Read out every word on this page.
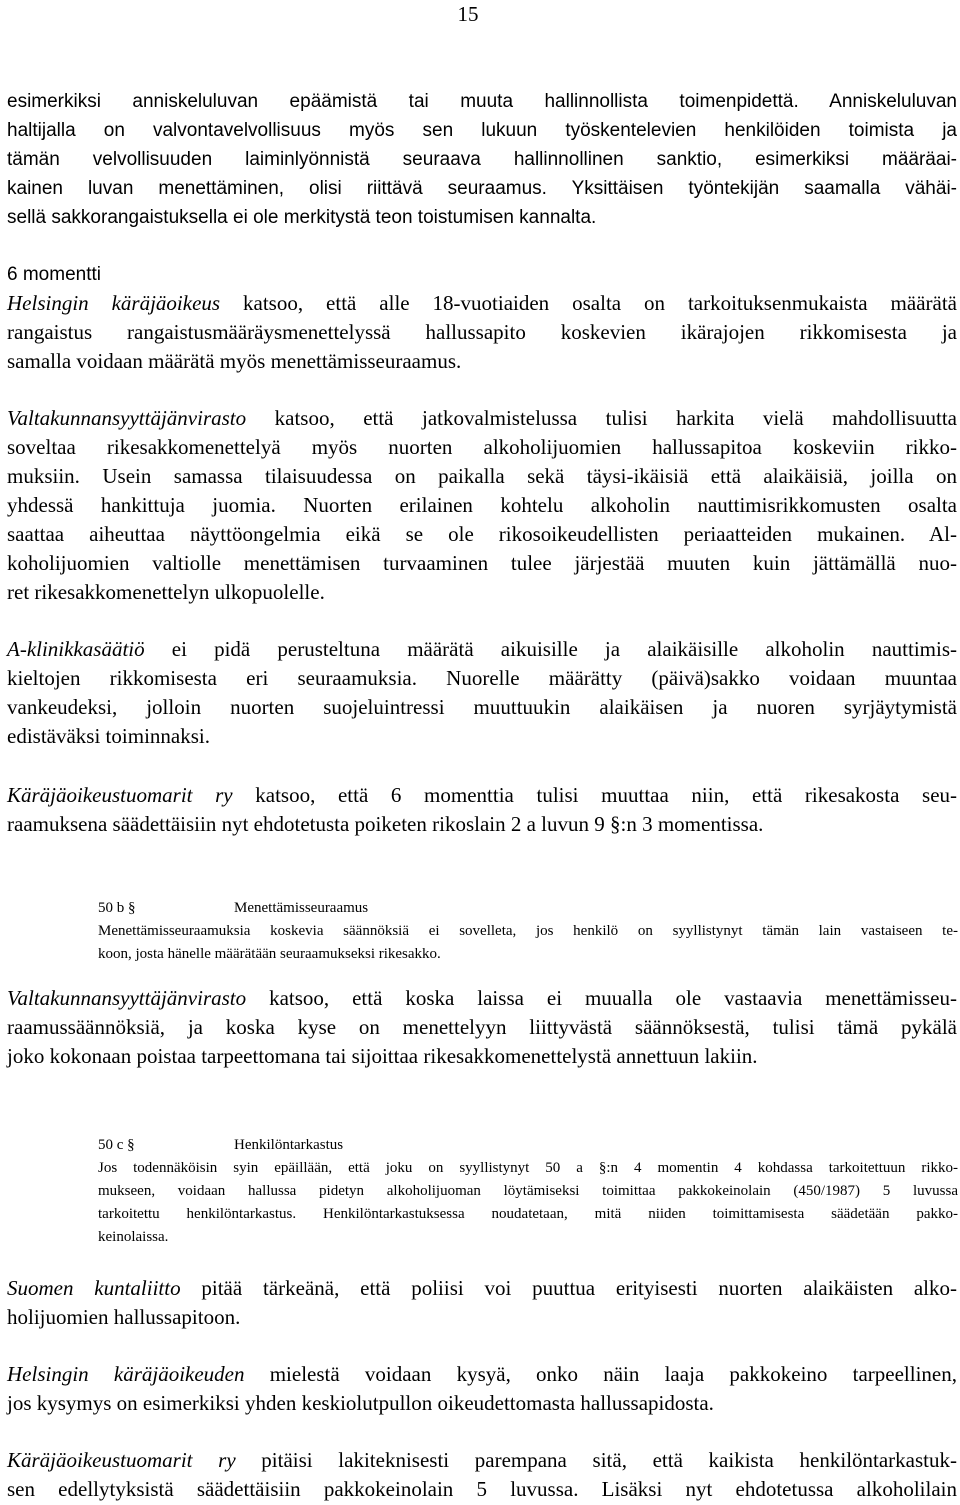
15
esimerkiksi anniskeluluvan epäämistä tai muuta hallinnollista toimenpidettä. Anniskeluluvan
haltijalla on valvontavelvollisuus myös sen lukuun työskentelevien henkilöiden toimista ja
tämän velvollisuuden laiminlyönnistä seuraava hallinnollinen sanktio, esimerkiksi määräai-
kainen luvan menettäminen, olisi riittävä seuraamus. Yksittäisen työntekijän saamalla vähäi-
sellä sakkorangaistuksella ei ole merkitystä teon toistumisen kannalta.
6 momentti
Helsingin käräjäoikeus katsoo, että alle 18-vuotiaiden osalta on tarkoituksenmukaista määrätä
rangaistus rangaistusmääräysmenettelyssä hallussapito koskevien ikärajojen rikkomisesta ja
samalla voidaan määrätä myös menettämisseuraamus.
Valtakunnansyyttäjänvirasto katsoo, että jatkovalmistelussa tulisi harkita vielä mahdollisuutta
soveltaa rikesakkomenettelyä myös nuorten alkoholijuomien hallussapitoa koskeviin rikko-
muksiin. Usein samassa tilaisuudessa on paikalla sekä täysi-ikäisiä että alaikäisiä, joilla on
yhdessä hankittuja juomia. Nuorten erilainen kohtelu alkoholin nauttimisrikkomusten osalta
saattaa aiheuttaa näyttöongelmia eikä se ole rikosoikeudellisten periaatteiden mukainen. Al-
koholijuomien valtiolle menettämisen turvaaminen tulee järjestää muuten kuin jättämällä nuo-
ret rikesakkomenettelyn ulkopuolelle.
A-klinikkasäätiö ei pidä perusteltuna määrätä aikuisille ja alaikäisille alkoholin nauttimis-
kieltojen rikkomisesta eri seuraamuksia. Nuorelle määrätty (päivä)sakko voidaan muuntaa
vankeudeksi, jolloin nuorten suojeluintressi muuttuukin alaikäisen ja nuoren syrjäytymistä
edistäväksi toiminnaksi.
Käräjäoikeustuomarit ry katsoo, että 6 momenttia tulisi muuttaa niin, että rikesakosta seu-
raamuksena säädettäisiin nyt ehdotetusta poiketen rikoslain 2 a luvun 9 §:n 3 momentissa.
50 b §	Menettämisseuraamus
Menettämisseuraamuksia koskevia säännöksiä ei sovelleta, jos henkilö on syyllistynyt tämän lain vastaiseen te-
koon, josta hänelle määrätään seuraamukseksi rikesakko.
Valtakunnansyyttäjänvirasto katsoo, että koska laissa ei muualla ole vastaavia menettämisseu-
raamussäännöksiä, ja koska kyse on menettelyyn liittyvästä säännöksestä, tulisi tämä pykälä
joko kokonaan poistaa tarpeettomana tai sijoittaa rikesakkomenettelystä annettuun lakiin.
50 c §	Henkilöntarkastus
Jos todennäköisin syin epäillään, että joku on syyllistynyt 50 a §:n 4 momentin 4 kohdassa tarkoitettuun rikko-
mukseen, voidaan hallussa pidetyn alkoholijuoman löytämiseksi toimittaa pakkokeinolain (450/1987) 5 luvussa
tarkoitettu henkilöntarkastus. Henkilöntarkastuksessa noudatetaan, mitä niiden toimittamisesta säädetään pakko-
keinolaissa.
Suomen kuntaliitto pitää tärkeänä, että poliisi voi puuttua erityisesti nuorten alaikäisten alko-
holijuomien hallussapitoon.
Helsingin käräjäoikeuden mielestä voidaan kysyä, onko näin laaja pakkokeino tarpeellinen,
jos kysymys on esimerkiksi yhden keskiolutpullon oikeudettomasta hallussapidosta.
Käräjäoikeustuomarit ry pitäisi lakiteknisesti parempana sitä, että kaikista henkilöntarkastuk-
sen edellytyksistä säädettäisiin pakkokeinolain 5 luvussa. Lisäksi nyt ehdotetussa alkoholilain
